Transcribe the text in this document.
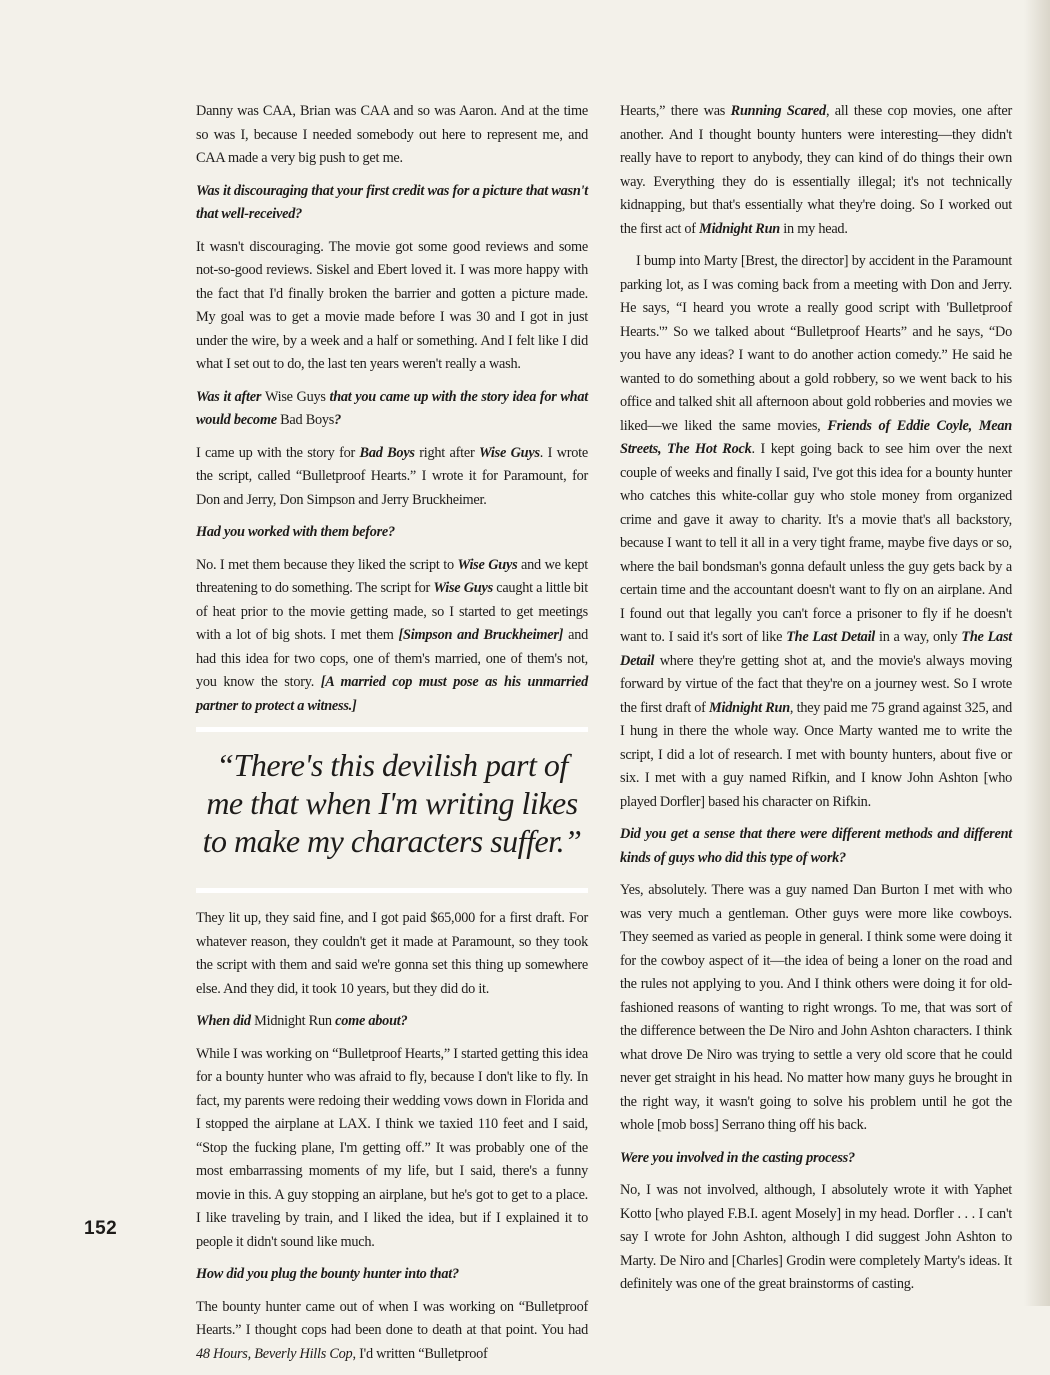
Danny was CAA, Brian was CAA and so was Aaron. And at the time so was I, because I needed somebody out here to represent me, and CAA made a very big push to get me.

Was it discouraging that your first credit was for a picture that wasn't that well-received?

It wasn't discouraging. The movie got some good reviews and some not-so-good reviews. Siskel and Ebert loved it. I was more happy with the fact that I'd finally broken the barrier and gotten a picture made. My goal was to get a movie made before I was 30 and I got in just under the wire, by a week and a half or something. And I felt like I did what I set out to do, the last ten years weren't really a wash.

Was it after Wise Guys that you came up with the story idea for what would become Bad Boys?

I came up with the story for Bad Boys right after Wise Guys. I wrote the script, called “Bulletproof Hearts.” I wrote it for Paramount, for Don and Jerry, Don Simpson and Jerry Bruckheimer.

Had you worked with them before?

No. I met them because they liked the script to Wise Guys and we kept threatening to do something. The script for Wise Guys caught a little bit of heat prior to the movie getting made, so I started to get meetings with a lot of big shots. I met them [Simpson and Bruckheimer] and had this idea for two cops, one of them's married, one of them's not, you know the story. [A married cop must pose as his unmarried partner to protect a witness.]

“There's this devilish part of me that when I'm writing likes to make my characters suffer.”

They lit up, they said fine, and I got paid $65,000 for a first draft. For whatever reason, they couldn't get it made at Paramount, so they took the script with them and said we're gonna set this thing up somewhere else. And they did, it took 10 years, but they did do it.

When did Midnight Run come about?

While I was working on “Bulletproof Hearts,” I started getting this idea for a bounty hunter who was afraid to fly, because I don't like to fly. In fact, my parents were redoing their wedding vows down in Florida and I stopped the airplane at LAX. I think we taxied 110 feet and I said, “Stop the fucking plane, I'm getting off.” It was probably one of the most embarrassing moments of my life, but I said, there's a funny movie in this. A guy stopping an airplane, but he's got to get to a place. I like traveling by train, and I liked the idea, but if I explained it to people it didn't sound like much.

How did you plug the bounty hunter into that?

The bounty hunter came out of when I was working on “Bulletproof Hearts.” I thought cops had been done to death at that point. You had 48 Hours, Beverly Hills Cop, I'd written “Bulletproof

Hearts,” there was Running Scared, all these cop movies, one after another. And I thought bounty hunters were interesting—they didn't really have to report to anybody, they can kind of do things their own way. Everything they do is essentially illegal; it's not technically kidnapping, but that's essentially what they're doing. So I worked out the first act of Midnight Run in my head.

I bump into Marty [Brest, the director] by accident in the Paramount parking lot, as I was coming back from a meeting with Don and Jerry. He says, “I heard you wrote a really good script with 'Bulletproof Hearts.'” So we talked about “Bulletproof Hearts” and he says, “Do you have any ideas? I want to do another action comedy.” He said he wanted to do something about a gold robbery, so we went back to his office and talked shit all afternoon about gold robberies and movies we liked—we liked the same movies, Friends of Eddie Coyle, Mean Streets, The Hot Rock. I kept going back to see him over the next couple of weeks and finally I said, I've got this idea for a bounty hunter who catches this white-collar guy who stole money from organized crime and gave it away to charity. It's a movie that's all backstory, because I want to tell it all in a very tight frame, maybe five days or so, where the bail bondsman's gonna default unless the guy gets back by a certain time and the accountant doesn't want to fly on an airplane. And I found out that legally you can't force a prisoner to fly if he doesn't want to. I said it's sort of like The Last Detail in a way, only The Last Detail where they're getting shot at, and the movie's always moving forward by virtue of the fact that they're on a journey west. So I wrote the first draft of Midnight Run, they paid me 75 grand against 325, and I hung in there the whole way. Once Marty wanted me to write the script, I did a lot of research. I met with bounty hunters, about five or six. I met with a guy named Rifkin, and I know John Ashton [who played Dorfler] based his character on Rifkin.

Did you get a sense that there were different methods and different kinds of guys who did this type of work?

Yes, absolutely. There was a guy named Dan Burton I met with who was very much a gentleman. Other guys were more like cowboys. They seemed as varied as people in general. I think some were doing it for the cowboy aspect of it—the idea of being a loner on the road and the rules not applying to you. And I think others were doing it for old-fashioned reasons of wanting to right wrongs. To me, that was sort of the difference between the De Niro and John Ashton characters. I think what drove De Niro was trying to settle a very old score that he could never get straight in his head. No matter how many guys he brought in the right way, it wasn't going to solve his problem until he got the whole [mob boss] Serrano thing off his back.

Were you involved in the casting process?

No, I was not involved, although, I absolutely wrote it with Yaphet Kotto [who played F.B.I. agent Mosely] in my head. Dorfler . . . I can't say I wrote for John Ashton, although I did suggest John Ashton to Marty. De Niro and [Charles] Grodin were completely Marty's ideas. It definitely was one of the great brainstorms of casting.

152
